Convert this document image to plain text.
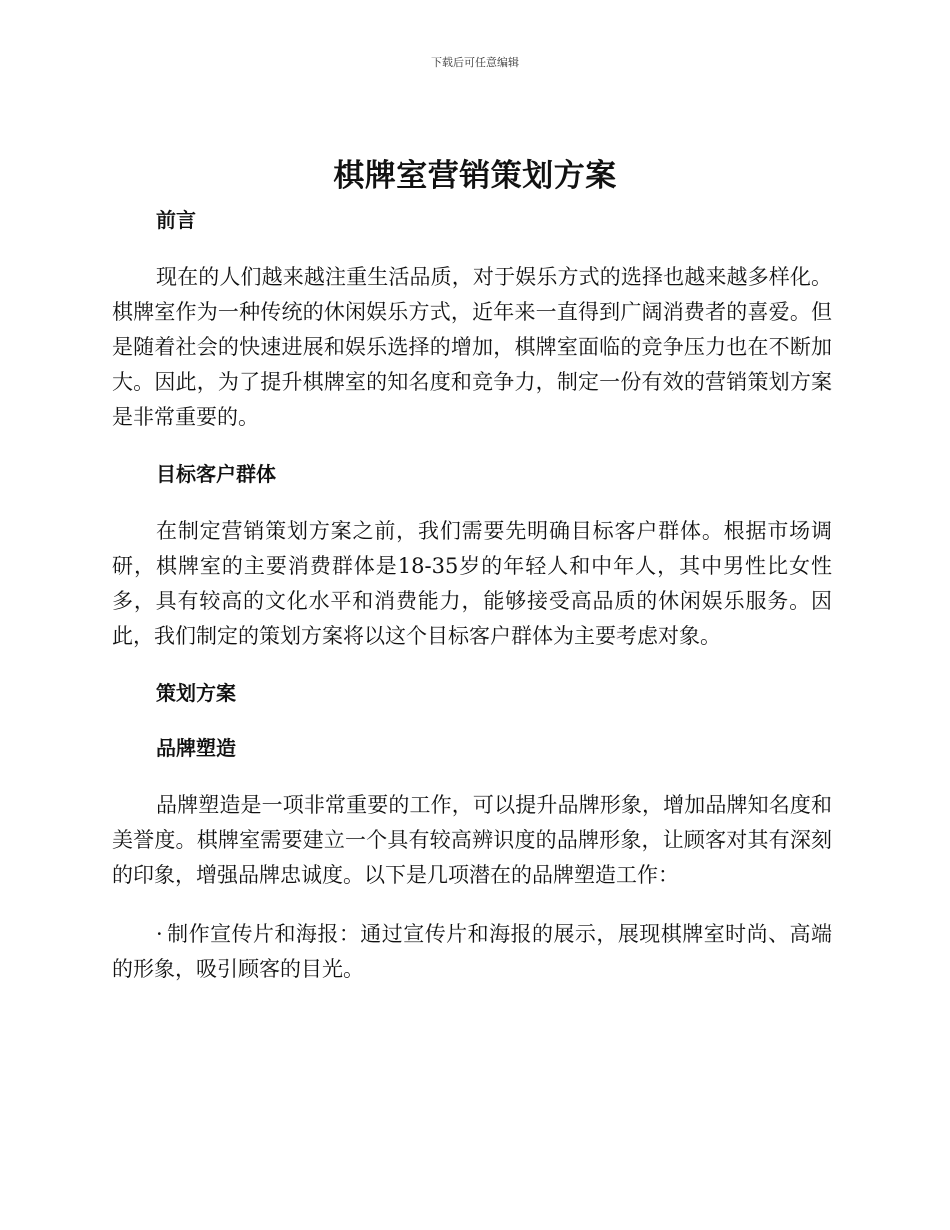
下载后可任意编辑
棋牌室营销策划方案
前言

现在的人们越来越注重生活品质，对于娱乐方式的选择也越来越多样化。棋牌室作为一种传统的休闲娱乐方式，近年来一直得到广阔消费者的喜爱。但是随着社会的快速进展和娱乐选择的增加，棋牌室面临的竞争压力也在不断加大。因此，为了提升棋牌室的知名度和竞争力，制定一份有效的营销策划方案是非常重要的。

目标客户群体

在制定营销策划方案之前，我们需要先明确目标客户群体。根据市场调研，棋牌室的主要消费群体是18-35岁的年轻人和中年人，其中男性比女性多，具有较高的文化水平和消费能力，能够接受高品质的休闲娱乐服务。因此，我们制定的策划方案将以这个目标客户群体为主要考虑对象。

策划方案
品牌塑造

品牌塑造是一项非常重要的工作，可以提升品牌形象，增加品牌知名度和美誉度。棋牌室需要建立一个具有较高辨识度的品牌形象，让顾客对其有深刻的印象，增强品牌忠诚度。以下是几项潜在的品牌塑造工作：

· 制作宣传片和海报：通过宣传片和海报的展示，展现棋牌室时尚、高端的形象，吸引顾客的目光。
